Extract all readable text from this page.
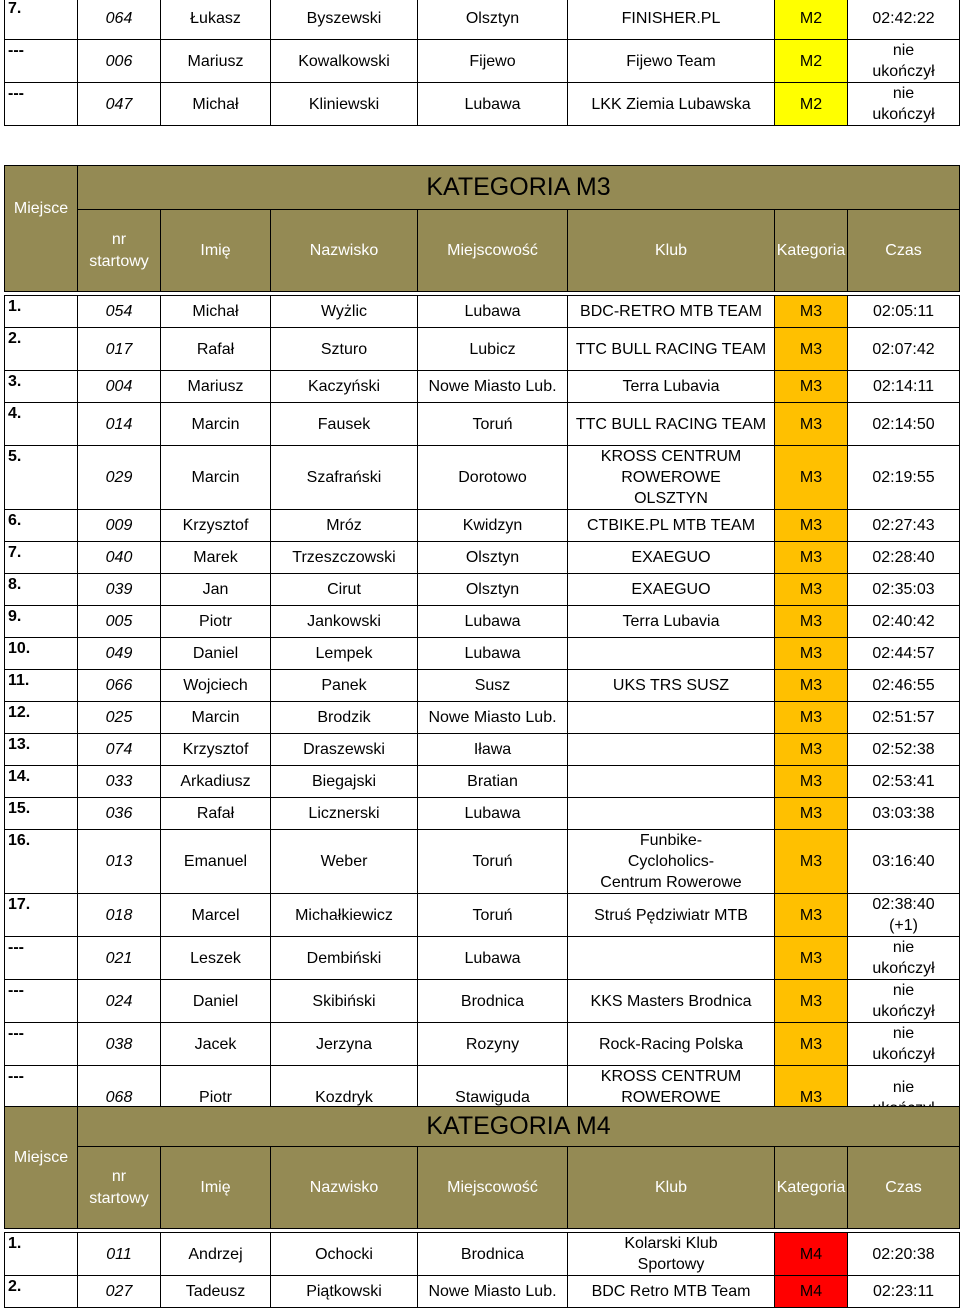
7.	064	Łukasz	Byszewski	Olsztyn	FINISHER.PL	M2	02:42:22
---	006	Mariusz	Kowalkowski	Fijewo	Fijewo Team	M2	nie ukończył
---	047	Michał	Kliniewski	Lubawa	LKK Ziemia Lubawska	M2	nie ukończył
Miejsce	KATEGORIA M3						
	nr startowy	Imię	Nazwisko	Miejscowość	Klub	Kategoria	Czas

1.	054	Michał	Wyżlic	Lubawa	BDC-RETRO MTB TEAM	M3	02:05:11
2.	017	Rafał	Szturo	Lubicz	TTC BULL RACING TEAM	M3	02:07:42
3.	004	Mariusz	Kaczyński	Nowe Miasto Lub.	Terra Lubavia	M3	02:14:11
4.	014	Marcin	Fausek	Toruń	TTC BULL RACING TEAM	M3	02:14:50
5.	029	Marcin	Szafrański	Dorotowo	KROSS CENTRUM ROWEROWE OLSZTYN	M3	02:19:55
6.	009	Krzysztof	Mróz	Kwidzyn	CTBIKE.PL MTB TEAM	M3	02:27:43
7.	040	Marek	Trzeszczowski	Olsztyn	EXAEGUO	M3	02:28:40
8.	039	Jan	Cirut	Olsztyn	EXAEGUO	M3	02:35:03
9.	005	Piotr	Jankowski	Lubawa	Terra Lubavia	M3	02:40:42
10.	049	Daniel	Lempek	Lubawa		M3	02:44:57
11.	066	Wojciech	Panek	Susz	UKS TRS SUSZ	M3	02:46:55
12.	025	Marcin	Brodzik	Nowe Miasto Lub.		M3	02:51:57
13.	074	Krzysztof	Draszewski	Iława		M3	02:52:38
14.	033	Arkadiusz	Biegajski	Bratian		M3	02:53:41
15.	036	Rafał	Licznerski	Lubawa		M3	03:03:38
16.	013	Emanuel	Weber	Toruń	Funbike-Cycloholics-Centrum Rowerowe	M3	03:16:40
17.	018	Marcel	Michałkiewicz	Toruń	Struś Pędziwiatr MTB	M3	02:38:40 (+1)
---	021	Leszek	Dembiński	Lubawa		M3	nie ukończył
---	024	Daniel	Skibiński	Brodnica	KKS Masters Brodnica	M3	nie ukończył
---	038	Jacek	Jerzyna	Rozyny	Rock-Racing Polska	M3	nie ukończył
---	068	Piotr	Kozdryk	Stawiguda	KROSS CENTRUM ROWEROWE	M3	nie
Miejsce	KATEGORIA M4						
	nr startowy	Imię	Nazwisko	Miejscowość	Klub	Kategoria	Czas

1.	011	Andrzej	Ochocki	Brodnica	Kolarski Klub Sportowy	M4	02:20:38
2.	027	Tadeusz	Piątkowski	Nowe Miasto Lub.	BDC Retro MTB Team	M4	02:23:11
